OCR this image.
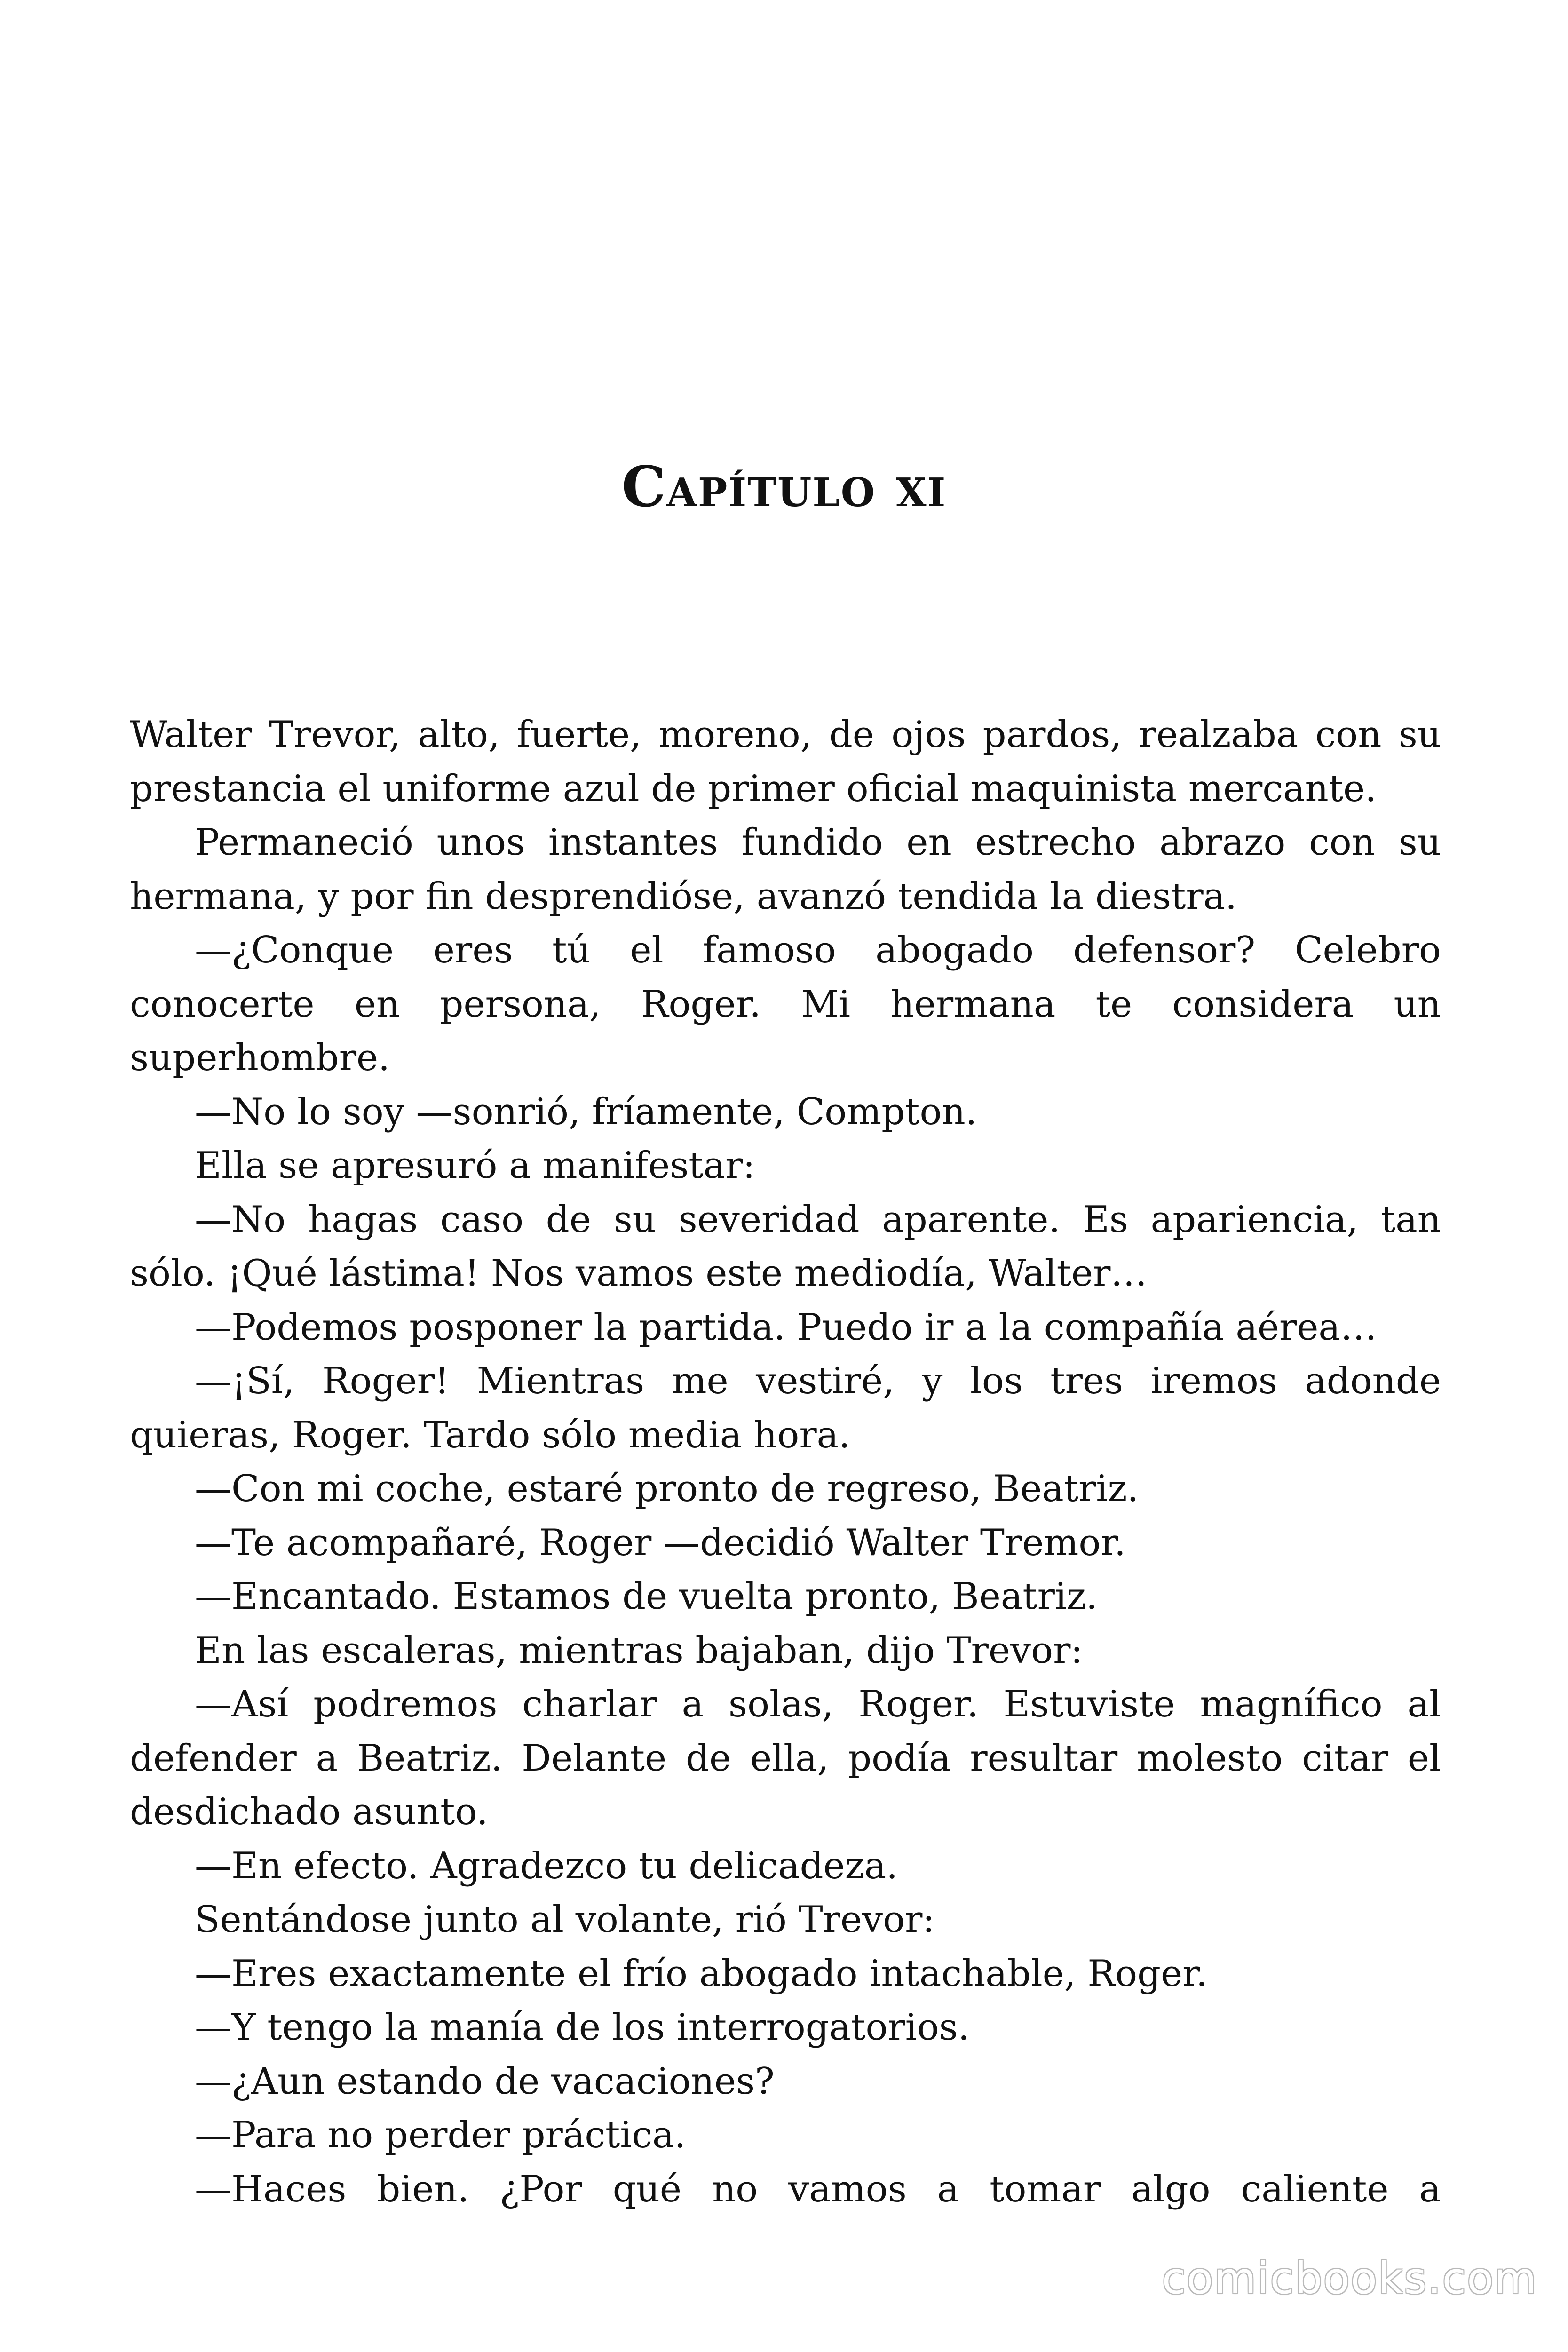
Capítulo xi

Walter Trevor, alto, fuerte, moreno, de ojos pardos, realzaba con su prestancia el uniforme azul de primer oficial maquinista mercante.

Permaneció unos instantes fundido en estrecho abrazo con su hermana, y por fin desprendióse, avanzó tendida la diestra.

—¿Conque eres tú el famoso abogado defensor? Celebro conocerte en persona, Roger. Mi hermana te considera un superhombre.

—No lo soy —sonrió, fríamente, Compton.

Ella se apresuró a manifestar:

—No hagas caso de su severidad aparente. Es apariencia, tan sólo. ¡Qué lástima! Nos vamos este mediodía, Walter…

—Podemos posponer la partida. Puedo ir a la compañía aérea…

—¡Sí, Roger! Mientras me vestiré, y los tres iremos adonde quieras, Roger. Tardo sólo media hora.

—Con mi coche, estaré pronto de regreso, Beatriz.

—Te acompañaré, Roger —decidió Walter Tremor.

—Encantado. Estamos de vuelta pronto, Beatriz.

En las escaleras, mientras bajaban, dijo Trevor:

—Así podremos charlar a solas, Roger. Estuviste magnífico al defender a Beatriz. Delante de ella, podía resultar molesto citar el desdichado asunto.

—En efecto. Agradezco tu delicadeza.

Sentándose junto al volante, rió Trevor:

—Eres exactamente el frío abogado intachable, Roger.

—Y tengo la manía de los interrogatorios.

—¿Aun estando de vacaciones?

—Para no perder práctica.

—Haces bien. ¿Por qué no vamos a tomar algo caliente a

comicbooks.com
